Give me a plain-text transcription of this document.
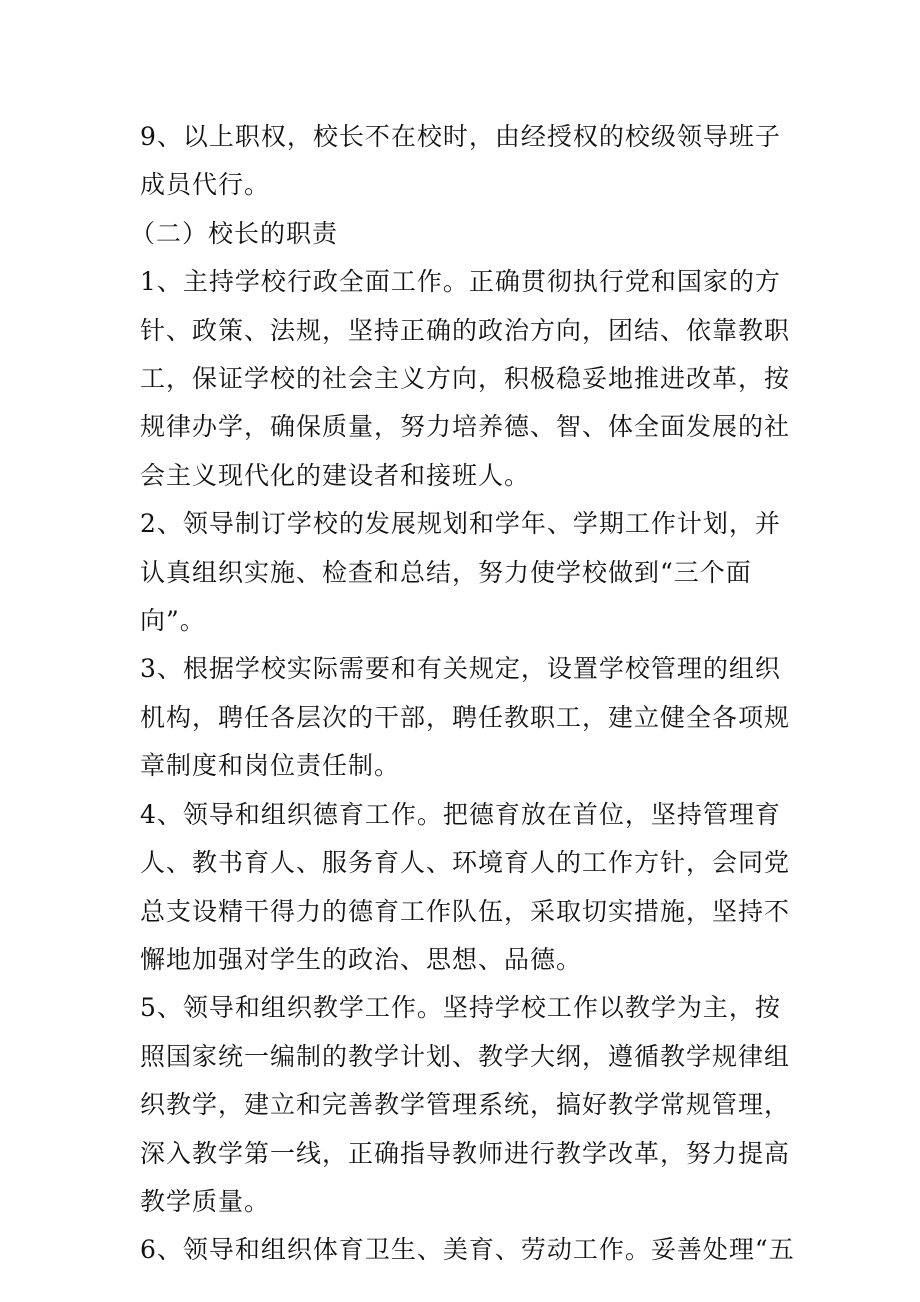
9、以上职权，校长不在校时，由经授权的校级领导班子成员代行。

（二）校长的职责

1、主持学校行政全面工作。正确贯彻执行党和国家的方针、政策、法规，坚持正确的政治方向，团结、依靠教职工，保证学校的社会主义方向，积极稳妥地推进改革，按规律办学，确保质量，努力培养德、智、体全面发展的社会主义现代化的建设者和接班人。

2、领导制订学校的发展规划和学年、学期工作计划，并认真组织实施、检查和总结，努力使学校做到“三个面向”。

3、根据学校实际需要和有关规定，设置学校管理的组织机构，聘任各层次的干部，聘任教职工，建立健全各项规章制度和岗位责任制。

4、领导和组织德育工作。把德育放在首位，坚持管理育人、教书育人、服务育人、环境育人的工作方针，会同党总支设精干得力的德育工作队伍，采取切实措施，坚持不懈地加强对学生的政治、思想、品德。

5、领导和组织教学工作。坚持学校工作以教学为主，按照国家统一编制的教学计划、教学大纲，遵循教学规律组织教学，建立和完善教学管理系统，搞好教学常规管理，深入教学第一线，正确指导教师进行教学改革，努力提高教学质量。

6、领导和组织体育卫生、美育、劳动工作。妥善处理“五
